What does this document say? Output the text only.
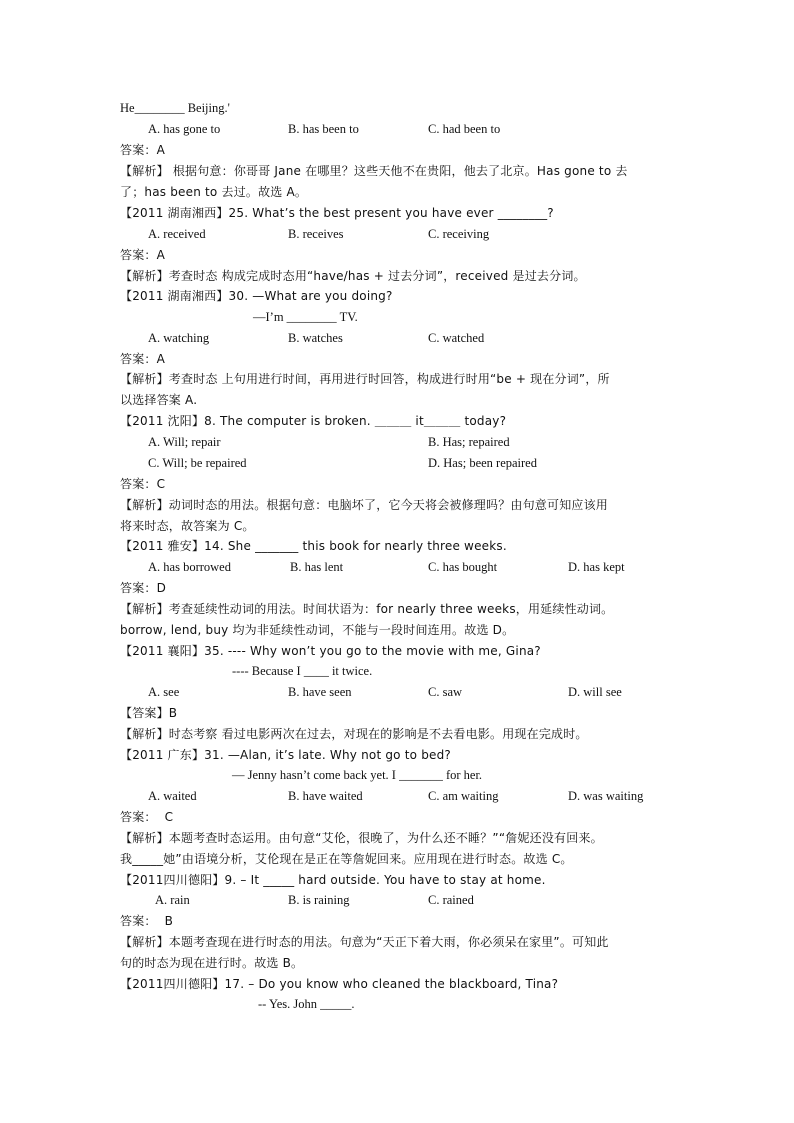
He________ Beijing.'
A. has gone to	B. has been to	C. had been to
答案：A
【解析】 根据句意：你哥哥 Jane 在哪里？这些天他不在贵阳，他去了北京。Has gone to 去
了；has been to 去过。故选 A。
【2011 湖南湘西】25. What’s the best present you have ever ________?
A. received	B. receives	C. receiving
答案：A
【解析】考查时态 构成完成时态用“have/has + 过去分词”，received 是过去分词。
【2011 湖南湘西】30. —What are you doing?
—I’m ________ TV.
A. watching	B. watches	C. watched
答案：A
【解析】考查时态 上句用进行时间，再用进行时回答，构成进行时用“be + 现在分词”，所
以选择答案 A.
【2011 沈阳】8. The computer is broken. ＿＿＿ it＿＿＿ today?
A. Will; repair	B. Has; repaired
C. Will; be repaired	D. Has; been repaired
答案：C
【解析】动词时态的用法。根据句意：电脑坏了，它今天将会被修理吗？由句意可知应该用
将来时态，故答案为 C。
【2011 雅安】14. She _______ this book for nearly three weeks.
A. has borrowed	B. has lent	C. has bought	D. has kept
答案：D
【解析】考查延续性动词的用法。时间状语为：for nearly three weeks，用延续性动词。
borrow, lend, buy 均为非延续性动词，不能与一段时间连用。故选 D。
【2011 襄阳】35. ---- Why won’t you go to the movie with me, Gina?
---- Because I ____ it twice.
A. see	B. have seen	C. saw	D. will see
【答案】B
【解析】时态考察 看过电影两次在过去，对现在的影响是不去看电影。用现在完成时。
【2011 广东】31. —Alan, it’s late. Why not go to bed?
— Jenny hasn’t come back yet. I _______ for her.
A. waited	B. have waited	C. am waiting	D. was waiting
答案：  C
【解析】本题考查时态运用。由句意“艾伦，很晚了，为什么还不睡？”“詹妮还没有回来。
我_____她”由语境分析，艾伦现在是正在等詹妮回来。应用现在进行时态。故选 C。
【2011四川德阳】9. – It _____ hard outside. You have to stay at home.
A. rain	B. is raining	C. rained
答案：  B
【解析】本题考查现在进行时态的用法。句意为“天正下着大雨，你必须呆在家里”。可知此
句的时态为现在进行时。故选 B。
【2011四川德阳】17. – Do you know who cleaned the blackboard, Tina?
-- Yes. John _____.
